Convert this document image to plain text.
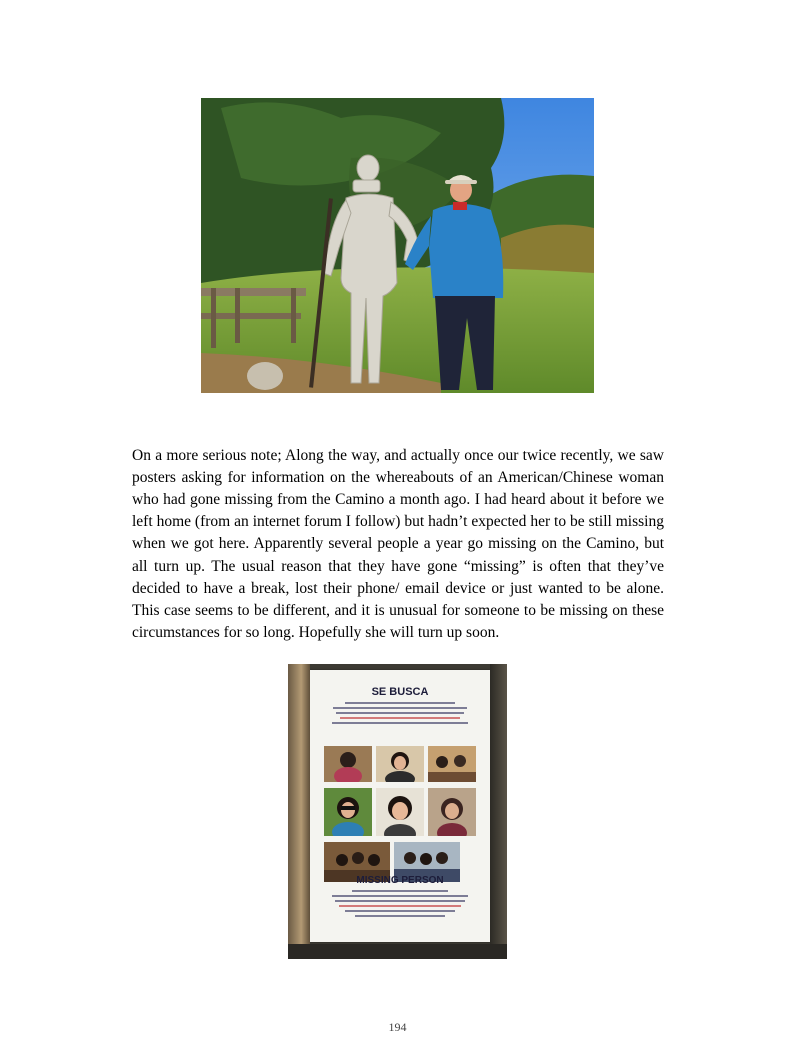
On a more serious note; Along the way, and actually once our twice recently, we saw posters asking for information on the whereabouts of an American/Chinese woman who had gone missing from the Camino a month ago. I had heard about it before we left home (from an internet forum I follow) but hadn’t expected her to be still missing when we got here. Apparently several people a year go missing on the Camino, but all turn up. The usual reason that they have gone “missing” is often that they’ve decided to have a break, lost their phone/ email device or just wanted to be alone. This case seems to be different, and it is unusual for someone to be missing on these circumstances for so long. Hopefully she will turn up soon.

SE BUSCA
MISSING PERSON
194
